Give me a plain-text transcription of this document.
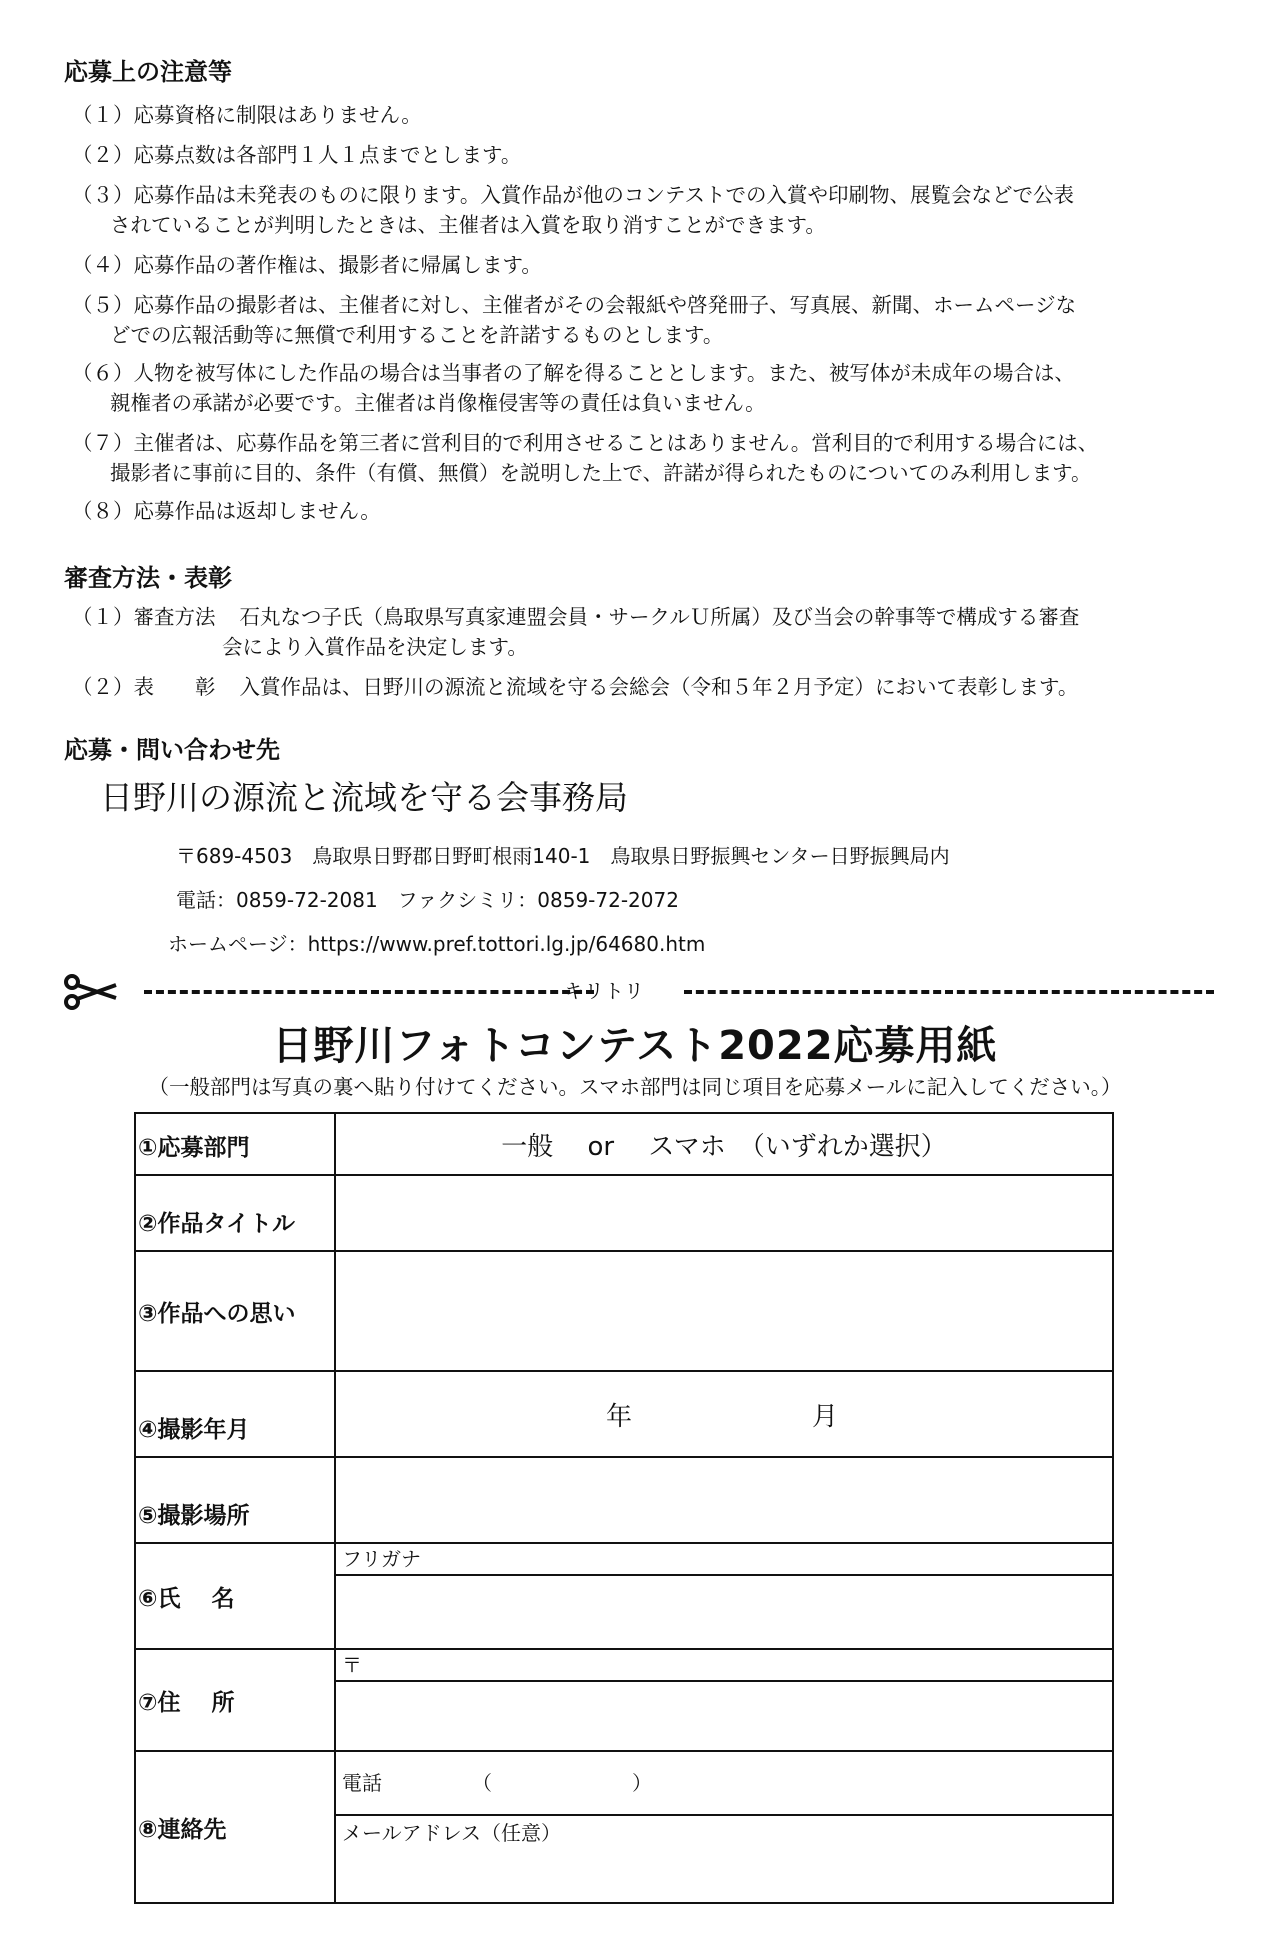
応募上の注意等
（１）応募資格に制限はありません。
（２）応募点数は各部門１人１点までとします。
（３）応募作品は未発表のものに限ります。入賞作品が他のコンテストでの入賞や印刷物、展覧会などで公表
されていることが判明したときは、主催者は入賞を取り消すことができます。
（４）応募作品の著作権は、撮影者に帰属します。
（５）応募作品の撮影者は、主催者に対し、主催者がその会報紙や啓発冊子、写真展、新聞、ホームページな
どでの広報活動等に無償で利用することを許諾するものとします。
（６）人物を被写体にした作品の場合は当事者の了解を得ることとします。また、被写体が未成年の場合は、
親権者の承諾が必要です。主催者は肖像権侵害等の責任は負いません。
（７）主催者は、応募作品を第三者に営利目的で利用させることはありません。営利目的で利用する場合には、
撮影者に事前に目的、条件（有償、無償）を説明した上で、許諾が得られたものについてのみ利用します。
（８）応募作品は返却しません。
審査方法・表彰
（１）審査方法 石丸なつ子氏（鳥取県写真家連盟会員・サークルＵ所属）及び当会の幹事等で構成する審査
会により入賞作品を決定します。
（２）表　　彰 入賞作品は、日野川の源流と流域を守る会総会（令和５年２月予定）において表彰します。
応募・問い合わせ先
日野川の源流と流域を守る会事務局
〒689-4503　鳥取県日野郡日野町根雨140-1　鳥取県日野振興センター日野振興局内
電話：0859-72-2081　ファクシミリ：0859-72-2072
ホームページ：https://www.pref.tottori.lg.jp/64680.htm
キリトリ
日野川フォトコンテスト2022応募用紙
（一般部門は写真の裏へ貼り付けてください。スマホ部門は同じ項目を応募メールに記入してください。）
①応募部門	一般　 or 　スマホ　（いずれか選択）
②作品タイトル	
③作品への思い	
④撮影年月	年 月
⑤撮影場所	
⑥氏　 名	フリガナ

⑦住　 所	〒

⑧連絡先	電話　　　　　（　　　　　　　）
メールアドレス（任意）
